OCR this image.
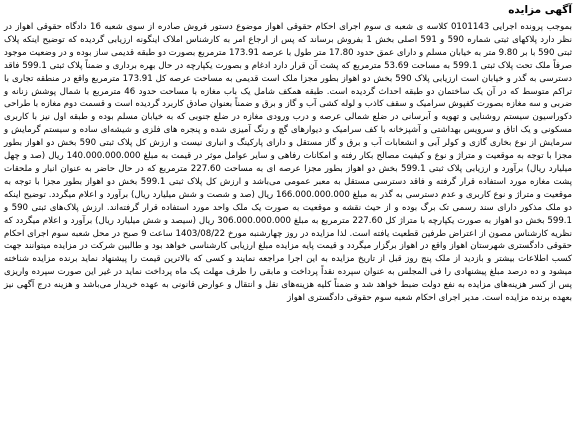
آگهی مزایده

بموجب پرونده اجرایی 0101143 کلاسه ی شعبه ی سوم اجرای احکام حقوقی اهواز موضوع دستور فروش صادره از سوی شعبه 16 دادگاه حقوقی اهواز در نظر دارد پلاکهای ثبتی شماره 590 و 591 اصلی بخش 1 بفروش برساند که پس از ارجاع امر به کارشناس املاک اینگونه ارزیابی گردیده که توضیح اینکه پلاک ثبتی 590 با بر 9.80 متر به خیابان مسلم و دارای عمق حدود 17.80 متر طول با عرصه 173.91 مترمربع بصورت دو طبقه قدیمی ساز بوده و در وضعیت موجود صرفاً ملک تحت پلاک ثبتی 599.1 به مساحت 53.69 مترمربع که پشت آن قرار دارد ادغام و بصورت یکپارچه در حال بهره برداری و ضمناً پلاک ثبتی 599.1 فاقد دسترسی به گذر و خیابان است ارزیابی پلاک 590 بخش دو اهواز بطور مجزا ملک است قدیمی به مساحت عرصه کل 173.91 مترمربع واقع در منطقه تجاری با تراکم متوسط که در آن یک ساختمان دو طبقه احداث گردیده است. طبقه همکف شامل یک باب مغازه با مساحت حدود 46 مترمربع با شمال پوشش زنانه و ضربی و سه مغازه بصورت کفپوش سرامیک و سقف کاذب و لوله کشی آب و گاز و برق و ضمناً بعنوان صادق کاربرد گردیده است و قسمت دوم مغازه با طراحی دکوراسیون سیستم روشنایی و تهویه و آبرسانی در ضلع شمالی عرصه و درب ورودی مغازه در ضلع جنوبی که به خیابان مسلم بوده و طبقه اول نیز با کاربری مسکونی و یک اتاق و سرویس بهداشتی و آشپزخانه با کف سرامیک و دیوارهای گچ و رنگ آمیزی شده و پنجره های فلزی و شیشه‌ای ساده و سیستم گرمایش و سرمایش از نوع بخاری گازی و کولر آبی و انشعابات آب و برق و گاز مستقل و دارای پارکینگ و انباری نیست و ارزش کل پلاک ثبتی 590 بخش دو اهواز بطور مجزا با توجه به موقعیت و متراژ و نوع و کیفیت مصالح بکار رفته و امکانات رفاهی و سایر عوامل موثر در قیمت به مبلغ 140.000.000.000 ریال (صد و چهل میلیارد ریال) برآورد و ارزیابی پلاک ثبتی 599.1 بخش دو اهواز بطور مجزا عرصه ای به مساحت 227.60 مترمربع که در حال حاضر به عنوان انبار و ملحقات پشت مغازه مورد استفاده قرار گرفته و فاقد دسترسی مستقل به معبر عمومی می‌باشد و ارزش کل پلاک ثبتی 599.1 بخش دو اهواز بطور مجزا با توجه به موقعیت و متراژ و نوع کاربری و عدم دسترسی به گذر به مبلغ 166.000.000.000 ریال (صد و شصت و شش میلیارد ریال) برآورد و اعلام میگردد. توضیح اینکه دو ملک مذکور دارای سند رسمی تک برگ بوده و از حیث نقشه و موقعیت به صورت یک ملک واحد مورد استفاده قرار گرفته‌اند. ارزش پلاک‌های ثبتی 590 و 599.1 بخش دو اهواز به صورت یکپارچه با متراژ کل 227.60 مترمربع به مبلغ 306.000.000.000 ریال (سیصد و شش میلیارد ریال) برآورد و اعلام میگردد که نظریه کارشناس مصون از اعتراض طرفین قطعیت یافته است. لذا مزایده در روز چهارشنبه مورخ 1403/08/22 ساعت 9 صبح در محل شعبه سوم اجرای احکام حقوقی دادگستری شهرستان اهواز واقع در اهواز برگزار میگردد و قیمت پایه مزایده مبلغ ارزیابی کارشناسی خواهد بود و طالبین شرکت در مزایده میتوانند جهت کسب اطلاعات بیشتر و بازدید از ملک پنج روز قبل از تاریخ مزایده به این اجرا مراجعه نمایند و کسی که بالاترین قیمت را پیشنهاد نماید برنده مزایده شناخته میشود و ده درصد مبلغ پیشنهادی را فی المجلس به عنوان سپرده نقداً پرداخت و مابقی را ظرف مهلت یک ماه پرداخت نماید در غیر این صورت سپرده واریزی پس از کسر هزینه‌های مزایده به نفع دولت ضبط خواهد شد و ضمناً کلیه هزینه‌های نقل و انتقال و عوارض قانونی به عهده خریدار می‌باشد و هزینه درج آگهی نیز بعهده برنده مزایده است. مدیر اجرای احکام شعبه سوم حقوقی دادگستری اهواز
